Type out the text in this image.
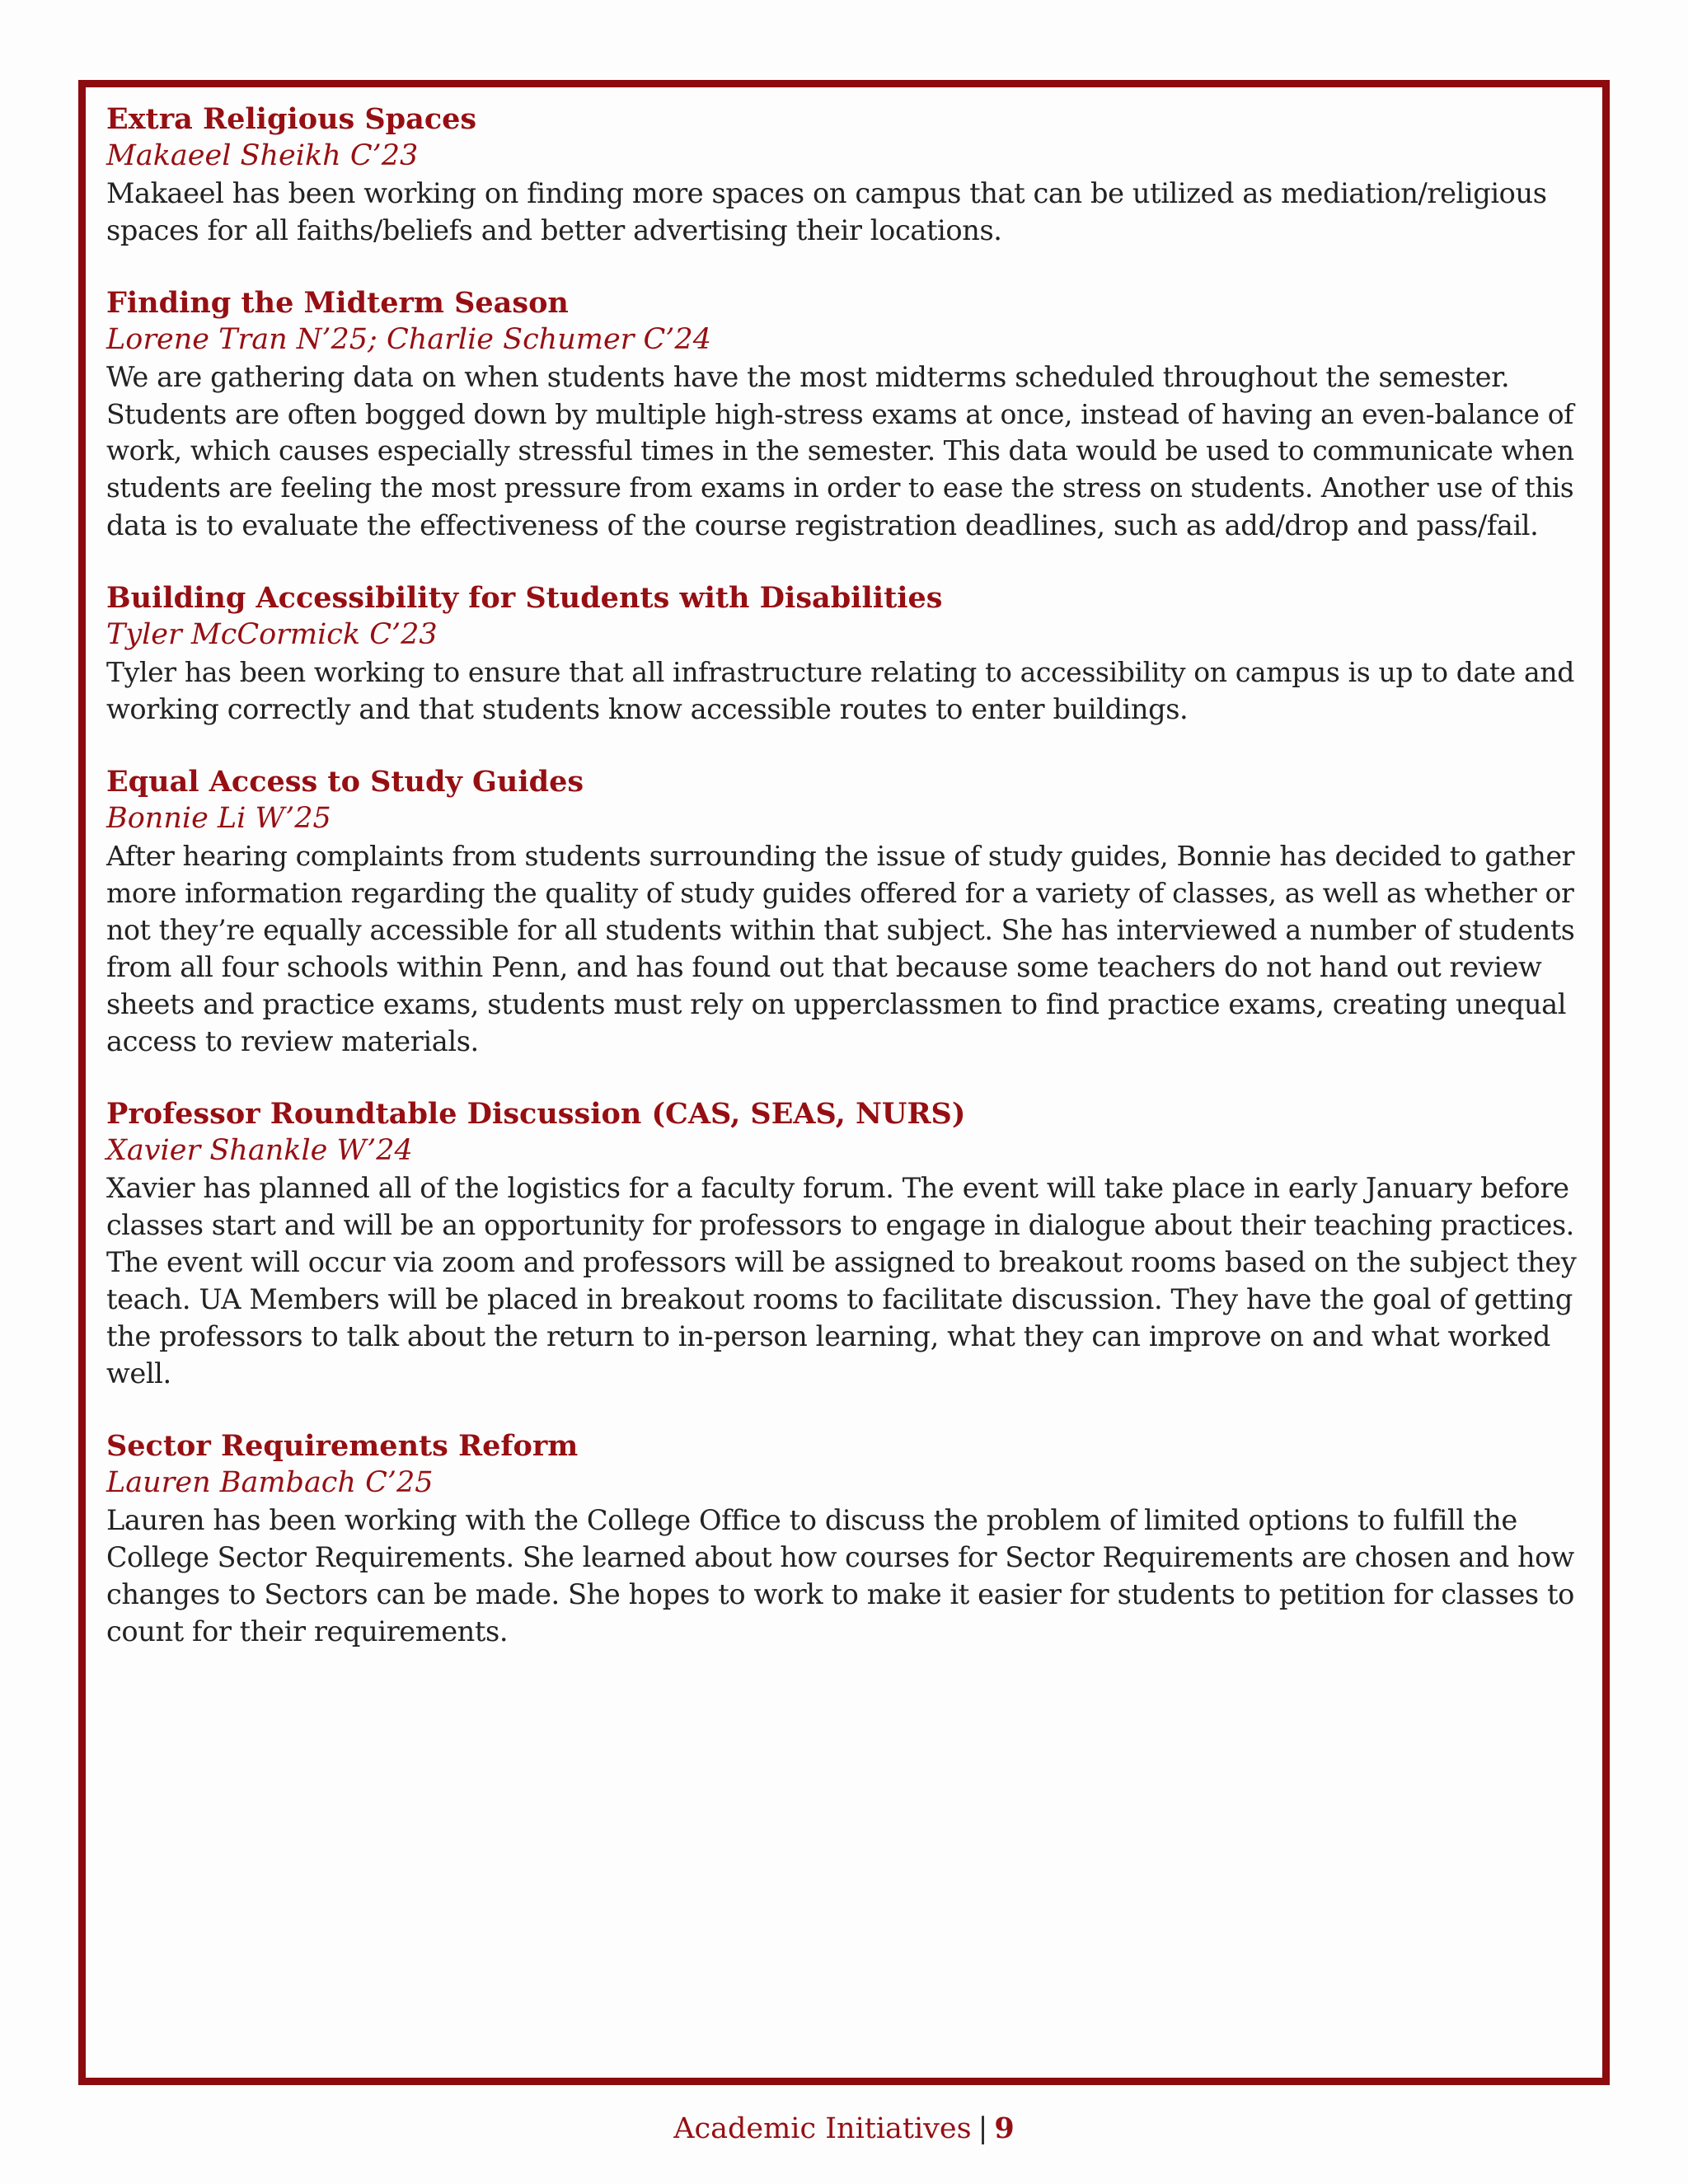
Extra Religious Spaces
Makaeel Sheikh C’23
Makaeel has been working on finding more spaces on campus that can be utilized as mediation/religious
spaces for all faiths/beliefs and better advertising their locations.
Finding the Midterm Season
Lorene Tran N’25; Charlie Schumer C’24
We are gathering data on when students have the most midterms scheduled throughout the semester.
Students are often bogged down by multiple high-stress exams at once, instead of having an even-balance of
work, which causes especially stressful times in the semester. This data would be used to communicate when
students are feeling the most pressure from exams in order to ease the stress on students. Another use of this
data is to evaluate the effectiveness of the course registration deadlines, such as add/drop and pass/fail.
Building Accessibility for Students with Disabilities
Tyler McCormick C’23
Tyler has been working to ensure that all infrastructure relating to accessibility on campus is up to date and
working correctly and that students know accessible routes to enter buildings.
Equal Access to Study Guides
Bonnie Li W’25
After hearing complaints from students surrounding the issue of study guides, Bonnie has decided to gather
more information regarding the quality of study guides offered for a variety of classes, as well as whether or
not they’re equally accessible for all students within that subject. She has interviewed a number of students
from all four schools within Penn, and has found out that because some teachers do not hand out review
sheets and practice exams, students must rely on upperclassmen to find practice exams, creating unequal
access to review materials.
Professor Roundtable Discussion (CAS, SEAS, NURS)
Xavier Shankle W’24
Xavier has planned all of the logistics for a faculty forum. The event will take place in early January before
classes start and will be an opportunity for professors to engage in dialogue about their teaching practices.
The event will occur via zoom and professors will be assigned to breakout rooms based on the subject they
teach. UA Members will be placed in breakout rooms to facilitate discussion. They have the goal of getting
the professors to talk about the return to in-person learning, what they can improve on and what worked
well.
Sector Requirements Reform
Lauren Bambach C’25
Lauren has been working with the College Office to discuss the problem of limited options to fulfill the
College Sector Requirements. She learned about how courses for Sector Requirements are chosen and how
changes to Sectors can be made. She hopes to work to make it easier for students to petition for classes to
count for their requirements.
Academic Initiatives | 9
